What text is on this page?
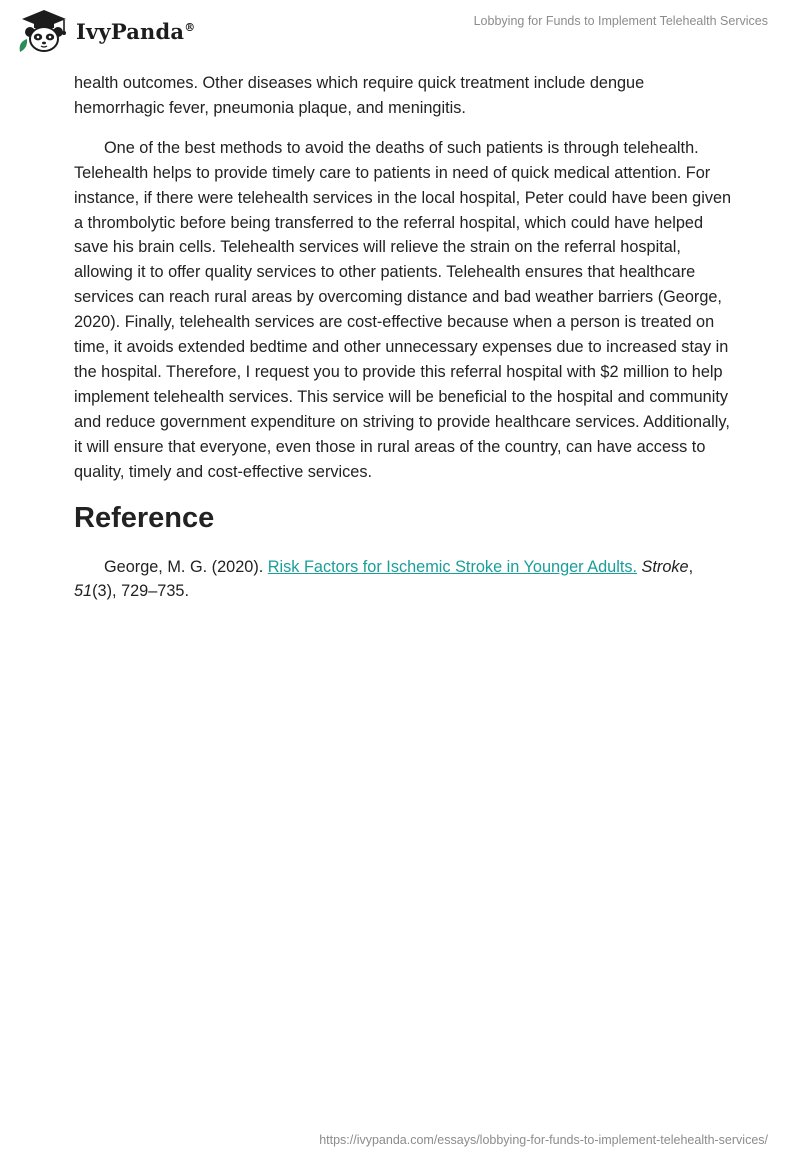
IvyPanda®	Lobbying for Funds to Implement Telehealth Services

health outcomes. Other diseases which require quick treatment include dengue hemorrhagic fever, pneumonia plaque, and meningitis.

One of the best methods to avoid the deaths of such patients is through telehealth. Telehealth helps to provide timely care to patients in need of quick medical attention. For instance, if there were telehealth services in the local hospital, Peter could have been given a thrombolytic before being transferred to the referral hospital, which could have helped save his brain cells. Telehealth services will relieve the strain on the referral hospital, allowing it to offer quality services to other patients. Telehealth ensures that healthcare services can reach rural areas by overcoming distance and bad weather barriers (George, 2020). Finally, telehealth services are cost-effective because when a person is treated on time, it avoids extended bedtime and other unnecessary expenses due to increased stay in the hospital. Therefore, I request you to provide this referral hospital with $2 million to help implement telehealth services. This service will be beneficial to the hospital and community and reduce government expenditure on striving to provide healthcare services. Additionally, it will ensure that everyone, even those in rural areas of the country, can have access to quality, timely and cost-effective services.

Reference

George, M. G. (2020). Risk Factors for Ischemic Stroke in Younger Adults. Stroke, 51(3), 729–735.

https://ivypanda.com/essays/lobbying-for-funds-to-implement-telehealth-services/
